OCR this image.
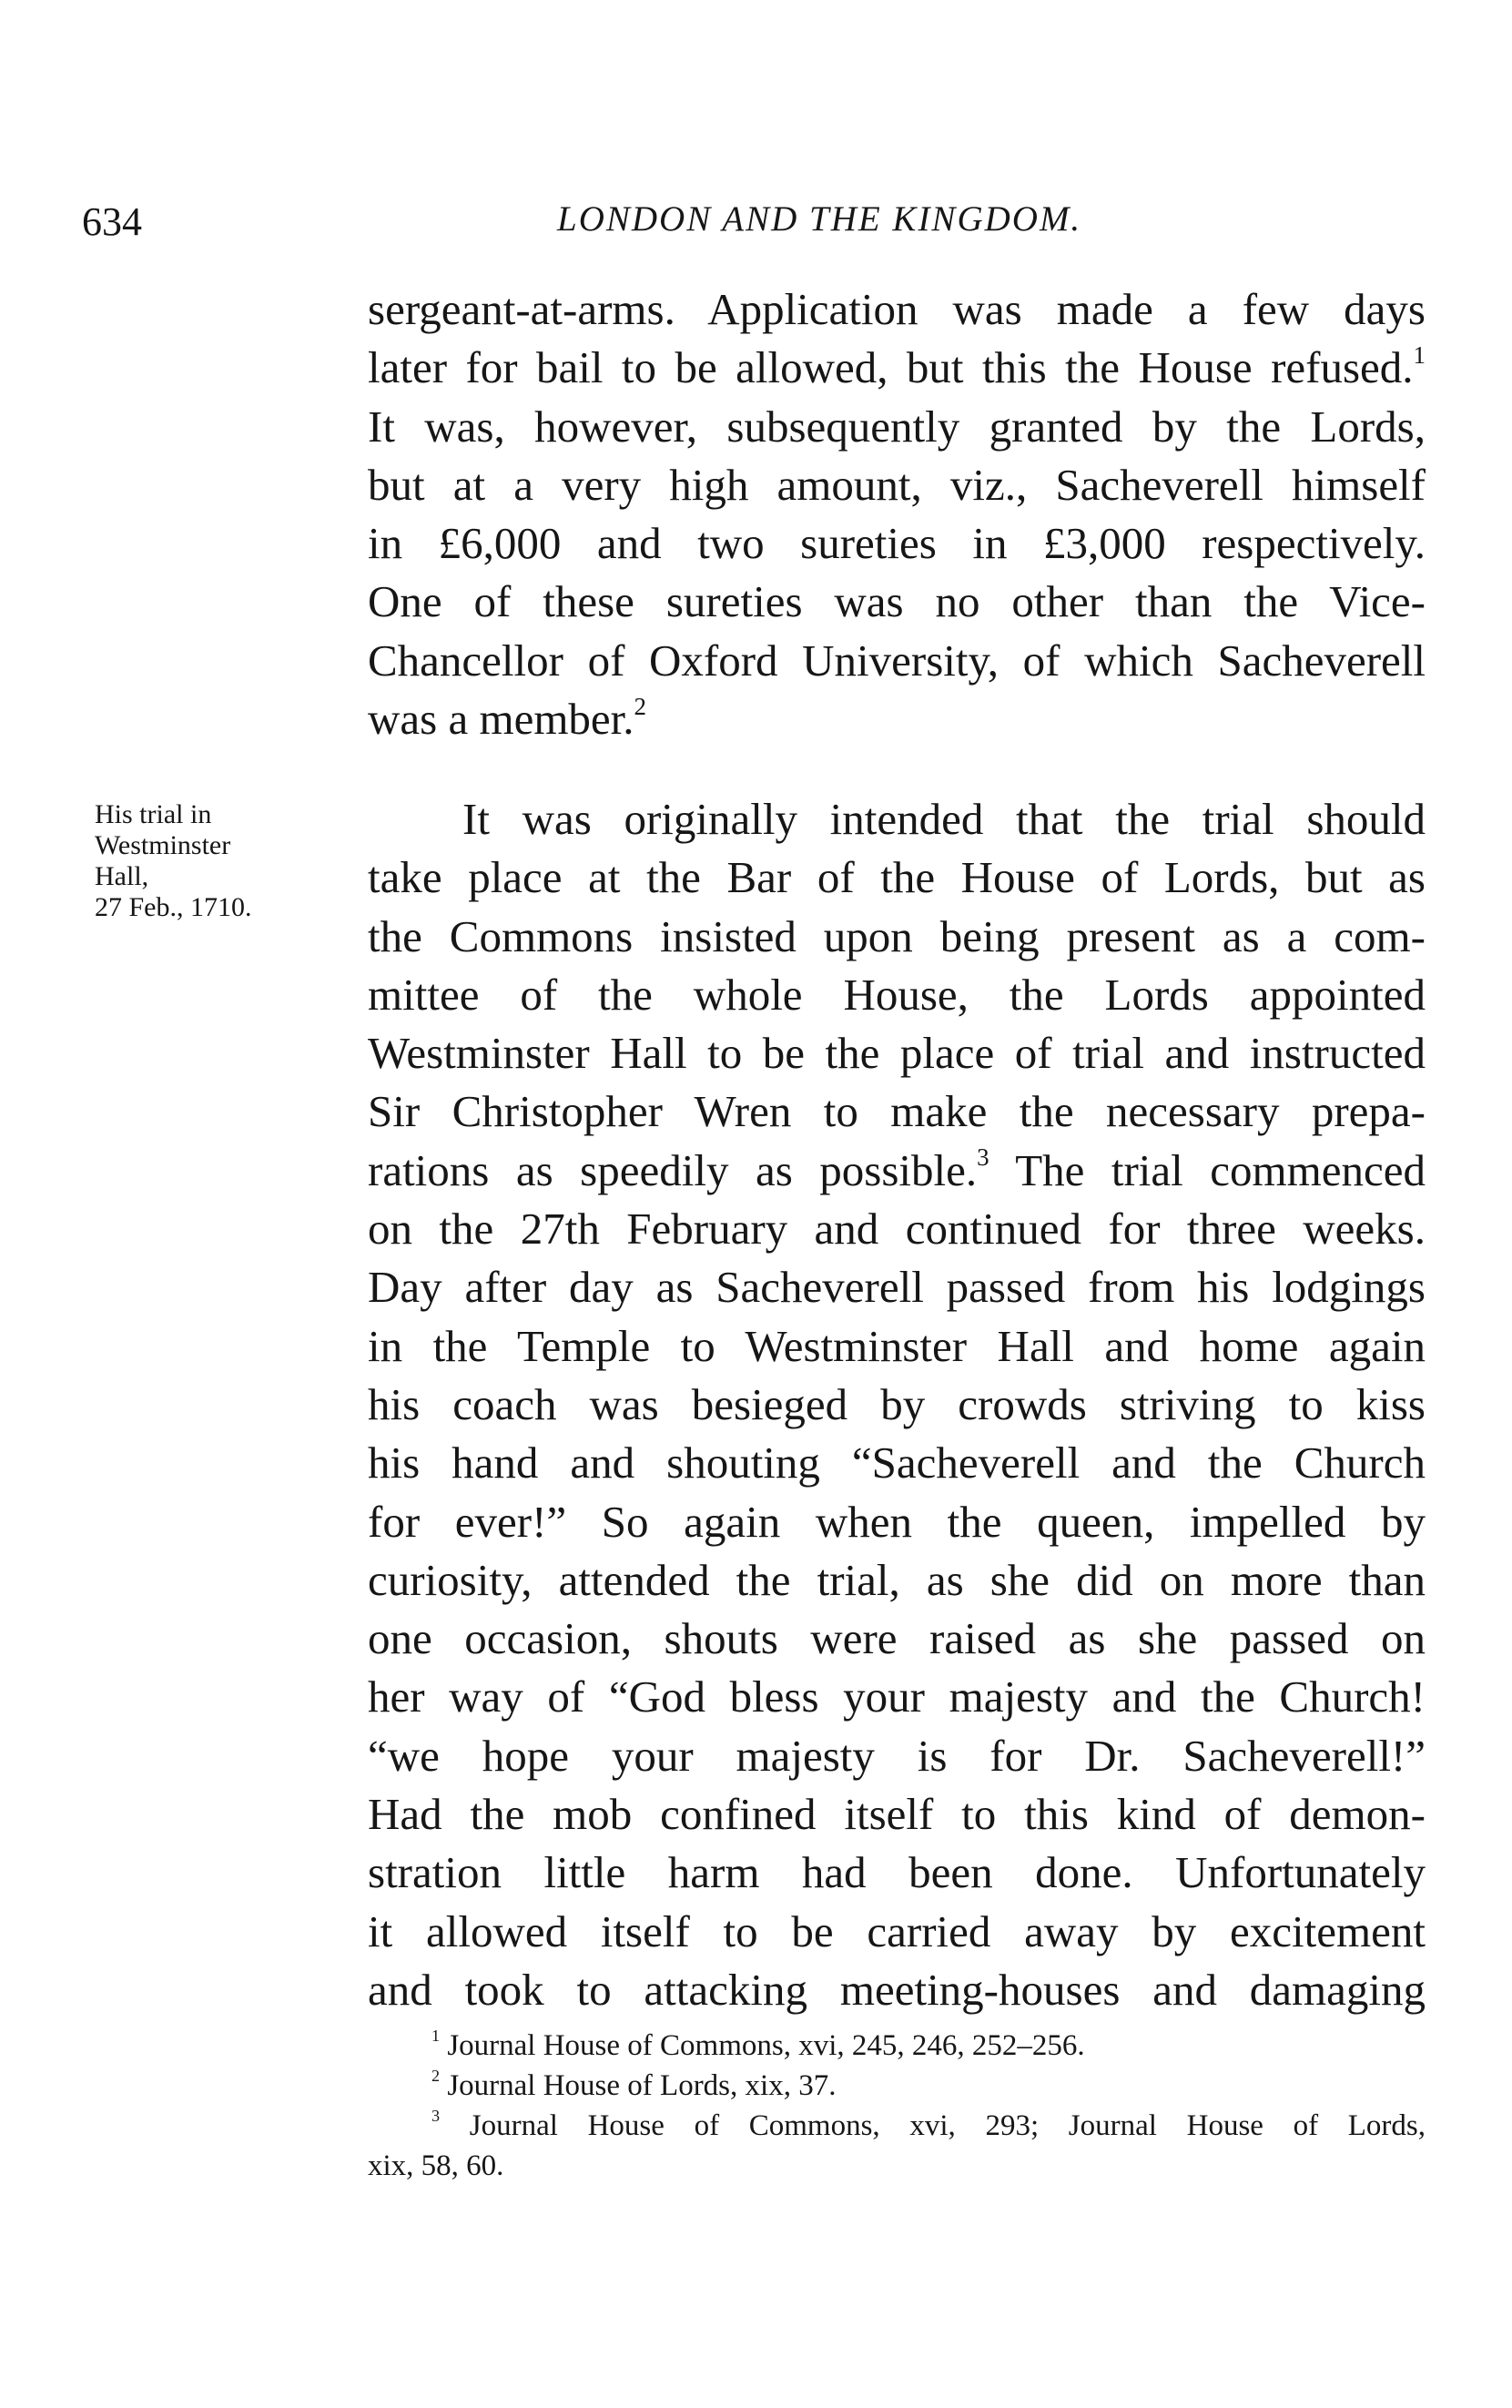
634	LONDON AND THE KINGDOM.
sergeant-at-arms. Application was made a few days
later for bail to be allowed, but this the House refused.$^1$
It was, however, subsequently granted by the Lords,
but at a very high amount, viz., Sacheverell himself
in £6,000 and two sureties in £3,000 respectively.
One of these sureties was no other than the Vice-
Chancellor of Oxford University, of which Sacheverell
was a member.$^2$
His trial in
Westminster
Hall,
27 Feb., 1710.
It was originally intended that the trial should
take place at the Bar of the House of Lords, but as
the Commons insisted upon being present as a com-
mittee of the whole House, the Lords appointed
Westminster Hall to be the place of trial and instructed
Sir Christopher Wren to make the necessary prepa-
rations as speedily as possible.$^3$ The trial commenced
on the 27th February and continued for three weeks.
Day after day as Sacheverell passed from his lodgings
in the Temple to Westminster Hall and home again
his coach was besieged by crowds striving to kiss
his hand and shouting “Sacheverell and the Church
for ever!” So again when the queen, impelled by
curiosity, attended the trial, as she did on more than
one occasion, shouts were raised as she passed on
her way of “God bless your majesty and the Church!
“we hope your majesty is for Dr. Sacheverell!”
Had the mob confined itself to this kind of demon-
stration little harm had been done. Unfortunately
it allowed itself to be carried away by excitement
and took to attacking meeting-houses and damaging
$^1$ Journal House of Commons, xvi, 245, 246, 252–256.
$^2$ Journal House of Lords, xix, 37.
$^3$ Journal House of Commons, xvi, 293; Journal House of Lords,
xix, 58, 60.
